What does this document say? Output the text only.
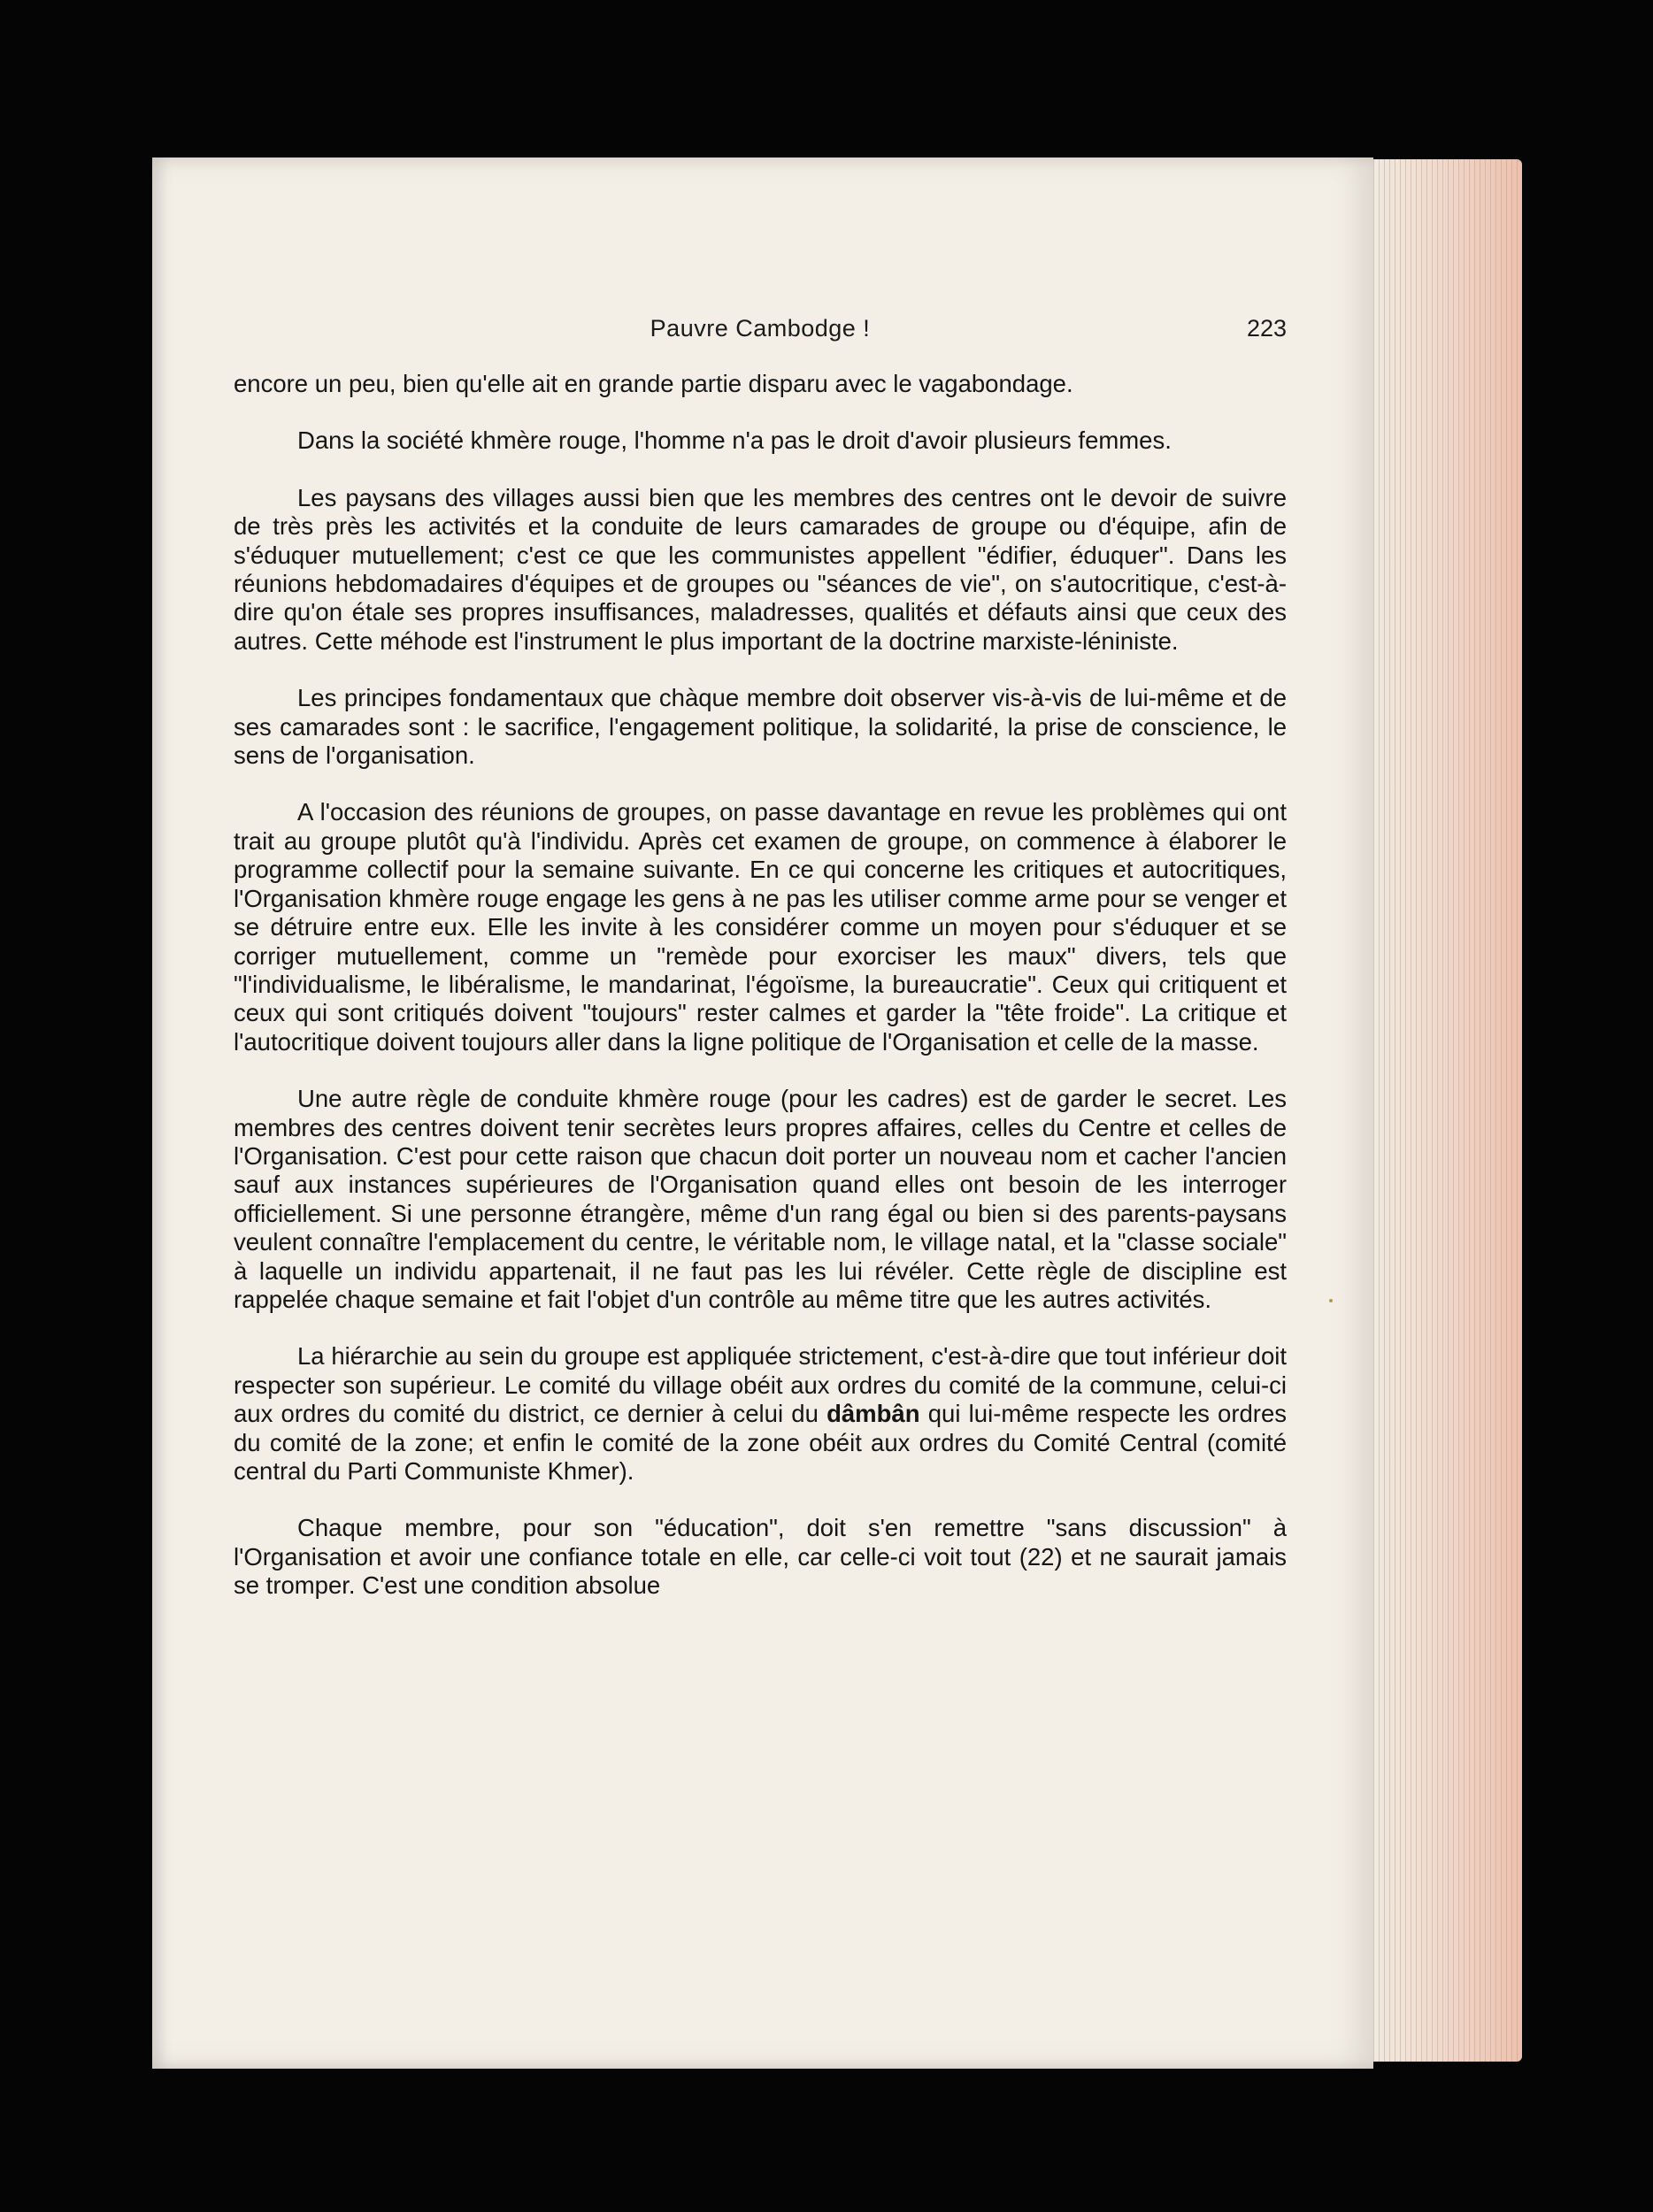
Pauvre Cambodge !	223

encore un peu, bien qu'elle ait en grande partie disparu avec le vagabondage.

Dans la société khmère rouge, l'homme n'a pas le droit d'avoir plusieurs femmes.

Les paysans des villages aussi bien que les membres des centres ont le devoir de suivre de très près les activités et la conduite de leurs camarades de groupe ou d'équipe, afin de s'éduquer mutuellement; c'est ce que les communistes appellent "édifier, éduquer". Dans les réunions hebdomadaires d'équipes et de groupes ou "séances de vie", on s'autocritique, c'est-à-dire qu'on étale ses propres insuffisances, maladresses, qualités et défauts ainsi que ceux des autres. Cette méhode est l'instrument le plus important de la doctrine marxiste-léniniste.

Les principes fondamentaux que chàque membre doit observer vis-à-vis de lui-même et de ses camarades sont : le sacrifice, l'engagement politique, la solidarité, la prise de conscience, le sens de l'organisation.

A l'occasion des réunions de groupes, on passe davantage en revue les problèmes qui ont trait au groupe plutôt qu'à l'individu. Après cet examen de groupe, on commence à élaborer le programme collectif pour la semaine suivante. En ce qui concerne les critiques et autocritiques, l'Organisation khmère rouge engage les gens à ne pas les utiliser comme arme pour se venger et se détruire entre eux. Elle les invite à les considérer comme un moyen pour s'éduquer et se corriger mutuellement, comme un "remède pour exorciser les maux" divers, tels que "l'individualisme, le libéralisme, le mandarinat, l'égoïsme, la bureaucratie". Ceux qui critiquent et ceux qui sont critiqués doivent "toujours" rester calmes et garder la "tête froide". La critique et l'autocritique doivent toujours aller dans la ligne politique de l'Organisation et celle de la masse.

Une autre règle de conduite khmère rouge (pour les cadres) est de garder le secret. Les membres des centres doivent tenir secrètes leurs propres affaires, celles du Centre et celles de l'Organisation. C'est pour cette raison que chacun doit porter un nouveau nom et cacher l'ancien sauf aux instances supérieures de l'Organisation quand elles ont besoin de les interroger officiellement. Si une personne étrangère, même d'un rang égal ou bien si des parents-paysans veulent connaître l'emplacement du centre, le véritable nom, le village natal, et la "classe sociale" à laquelle un individu appartenait, il ne faut pas les lui révéler. Cette règle de discipline est rappelée chaque semaine et fait l'objet d'un contrôle au même titre que les autres activités.

La hiérarchie au sein du groupe est appliquée strictement, c'est-à-dire que tout inférieur doit respecter son supérieur. Le comité du village obéit aux ordres du comité de la commune, celui-ci aux ordres du comité du district, ce dernier à celui du dâmbân qui lui-même respecte les ordres du comité de la zone; et enfin le comité de la zone obéit aux ordres du Comité Central (comité central du Parti Communiste Khmer).

Chaque membre, pour son "éducation", doit s'en remettre "sans discussion" à l'Organisation et avoir une confiance totale en elle, car celle-ci voit tout (22) et ne saurait jamais se tromper. C'est une condition absolue
